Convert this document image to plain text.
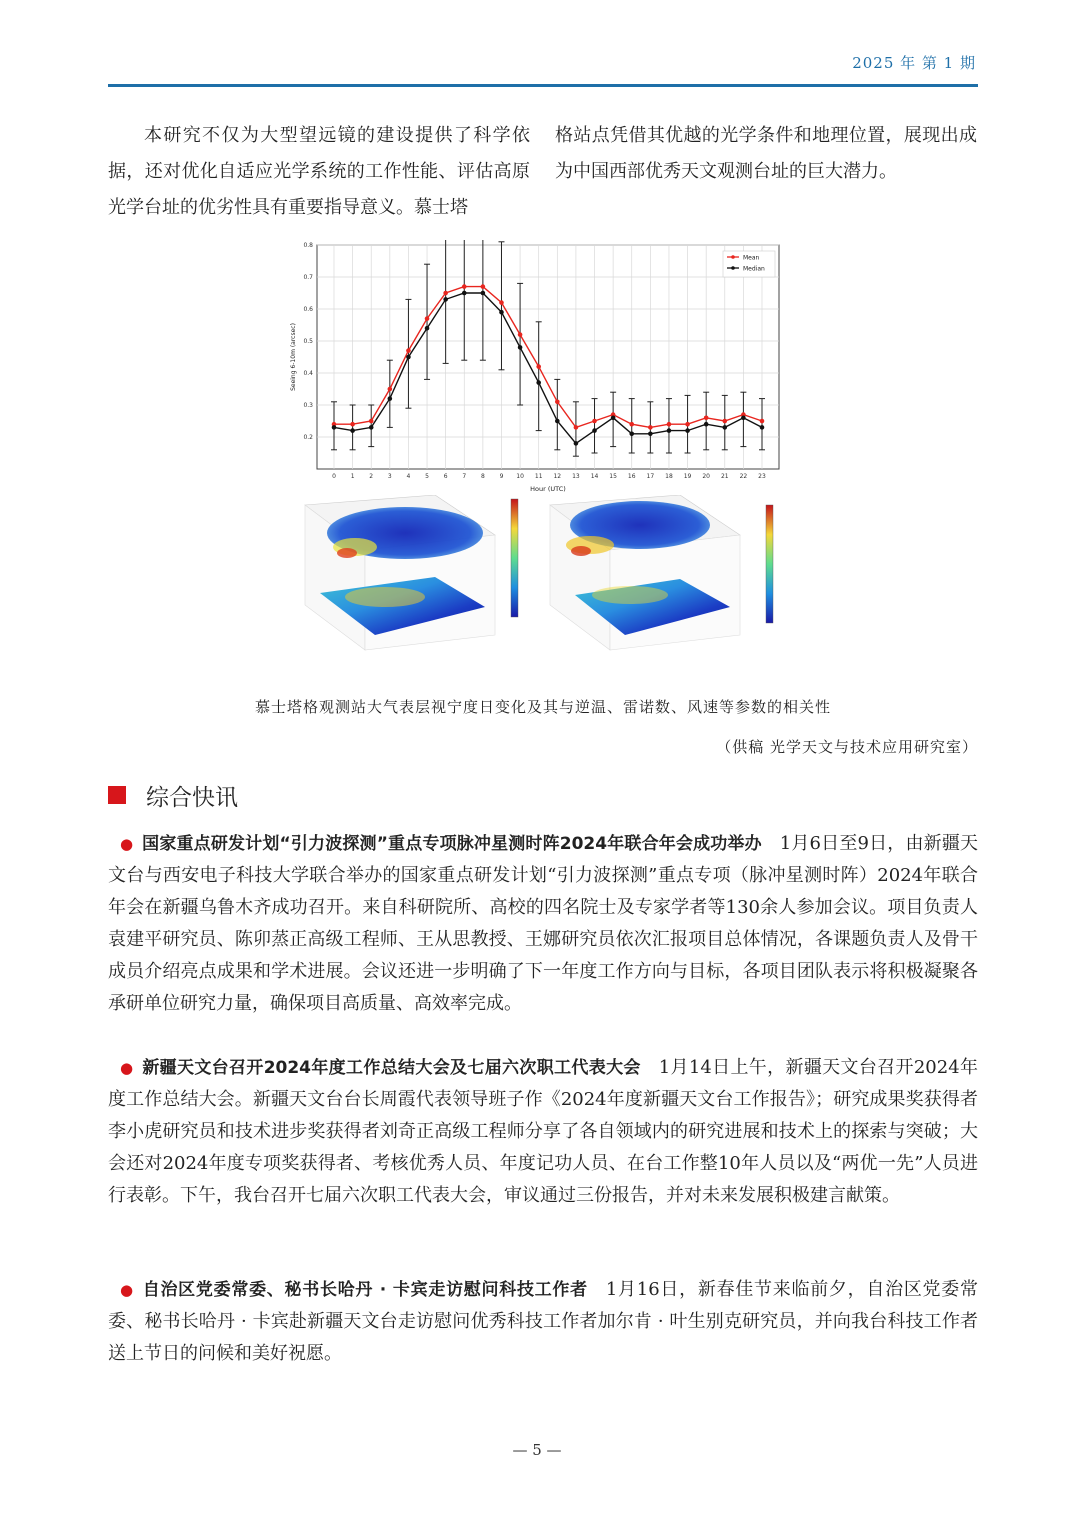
2025 年 第 1 期

本研究不仅为大型望远镜的建设提供了科学依据，还对优化自适应光学系统的工作性能、评估高原光学台址的优劣性具有重要指导意义。慕士塔

格站点凭借其优越的光学条件和地理位置，展现出成为中国西部优秀天文观测台址的巨大潜力。

0.2
0.3
0.4
0.5
0.6
0.7
0.8
0 1 2 3 4 5 6 7 8 9 10 11 12 13 14 15 16 17 18 19 20 21 22 23
Mean
Median
Hour (UTC)
Seeing 6-10m (arcsec)
慕士塔格观测站大气表层视宁度日变化及其与逆温、雷诺数、风速等参数的相关性
（供稿 光学天文与技术应用研究室）
综合快讯

● 国家重点研发计划“引力波探测”重点专项脉冲星测时阵2024年联合年会成功举办 1月6日至9日，由新疆天文台与西安电子科技大学联合举办的国家重点研发计划“引力波探测”重点专项（脉冲星测时阵）2024年联合年会在新疆乌鲁木齐成功召开。来自科研院所、高校的四名院士及专家学者等130余人参加会议。项目负责人袁建平研究员、陈卯蒸正高级工程师、王从思教授、王娜研究员依次汇报项目总体情况，各课题负责人及骨干成员介绍亮点成果和学术进展。会议还进一步明确了下一年度工作方向与目标，各项目团队表示将积极凝聚各承研单位研究力量，确保项目高质量、高效率完成。

● 新疆天文台召开2024年度工作总结大会及七届六次职工代表大会 1月14日上午，新疆天文台召开2024年度工作总结大会。新疆天文台台长周霞代表领导班子作《2024年度新疆天文台工作报告》；研究成果奖获得者李小虎研究员和技术进步奖获得者刘奇正高级工程师分享了各自领域内的研究进展和技术上的探索与突破；大会还对2024年度专项奖获得者、考核优秀人员、年度记功人员、在台工作整10年人员以及“两优一先”人员进行表彰。下午，我台召开七届六次职工代表大会，审议通过三份报告，并对未来发展积极建言献策。

● 自治区党委常委、秘书长哈丹 · 卡宾走访慰问科技工作者 1月16日，新春佳节来临前夕，自治区党委常委、秘书长哈丹 · 卡宾赴新疆天文台走访慰问优秀科技工作者加尔肯 · 叶生别克研究员，并向我台科技工作者送上节日的问候和美好祝愿。

— 5 —
